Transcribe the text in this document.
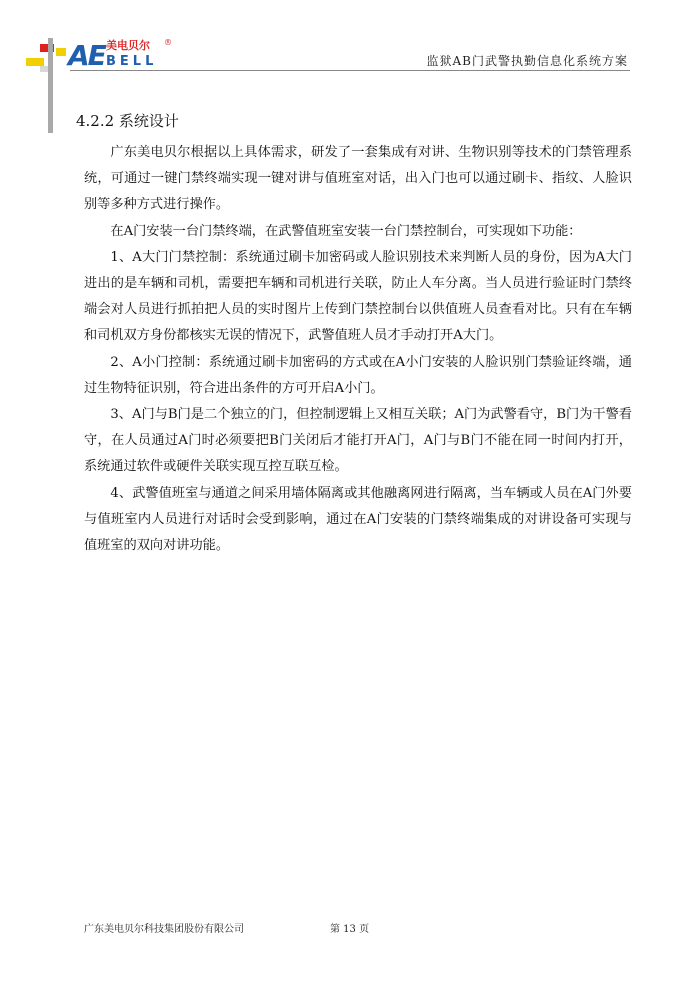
AE 美电贝尔
BELL
®
监狱AB门武警执勤信息化系统方案
4.2.2 系统设计

广东美电贝尔根据以上具体需求，研发了一套集成有对讲、生物识别等技术的门禁管理系统，可通过一键门禁终端实现一键对讲与值班室对话，出入门也可以通过刷卡、指纹、人脸识别等多种方式进行操作。

在A门安装一台门禁终端，在武警值班室安装一台门禁控制台，可实现如下功能：

1、A大门门禁控制：系统通过刷卡加密码或人脸识别技术来判断人员的身份，因为A大门进出的是车辆和司机，需要把车辆和司机进行关联，防止人车分离。当人员进行验证时门禁终端会对人员进行抓拍把人员的实时图片上传到门禁控制台以供值班人员查看对比。只有在车辆和司机双方身份都核实无误的情况下，武警值班人员才手动打开A大门。

2、A小门控制：系统通过刷卡加密码的方式或在A小门安装的人脸识别门禁验证终端，通过生物特征识别，符合进出条件的方可开启A小门。

3、A门与B门是二个独立的门，但控制逻辑上又相互关联；A门为武警看守，B门为干警看守，在人员通过A门时必须要把B门关闭后才能打开A门，A门与B门不能在同一时间内打开，系统通过软件或硬件关联实现互控互联互检。

4、武警值班室与通道之间采用墙体隔离或其他融离网进行隔离，当车辆或人员在A门外要与值班室内人员进行对话时会受到影响，通过在A门安装的门禁终端集成的对讲设备可实现与值班室的双向对讲功能。

广东美电贝尔科技集团股份有限公司	第 13 页
